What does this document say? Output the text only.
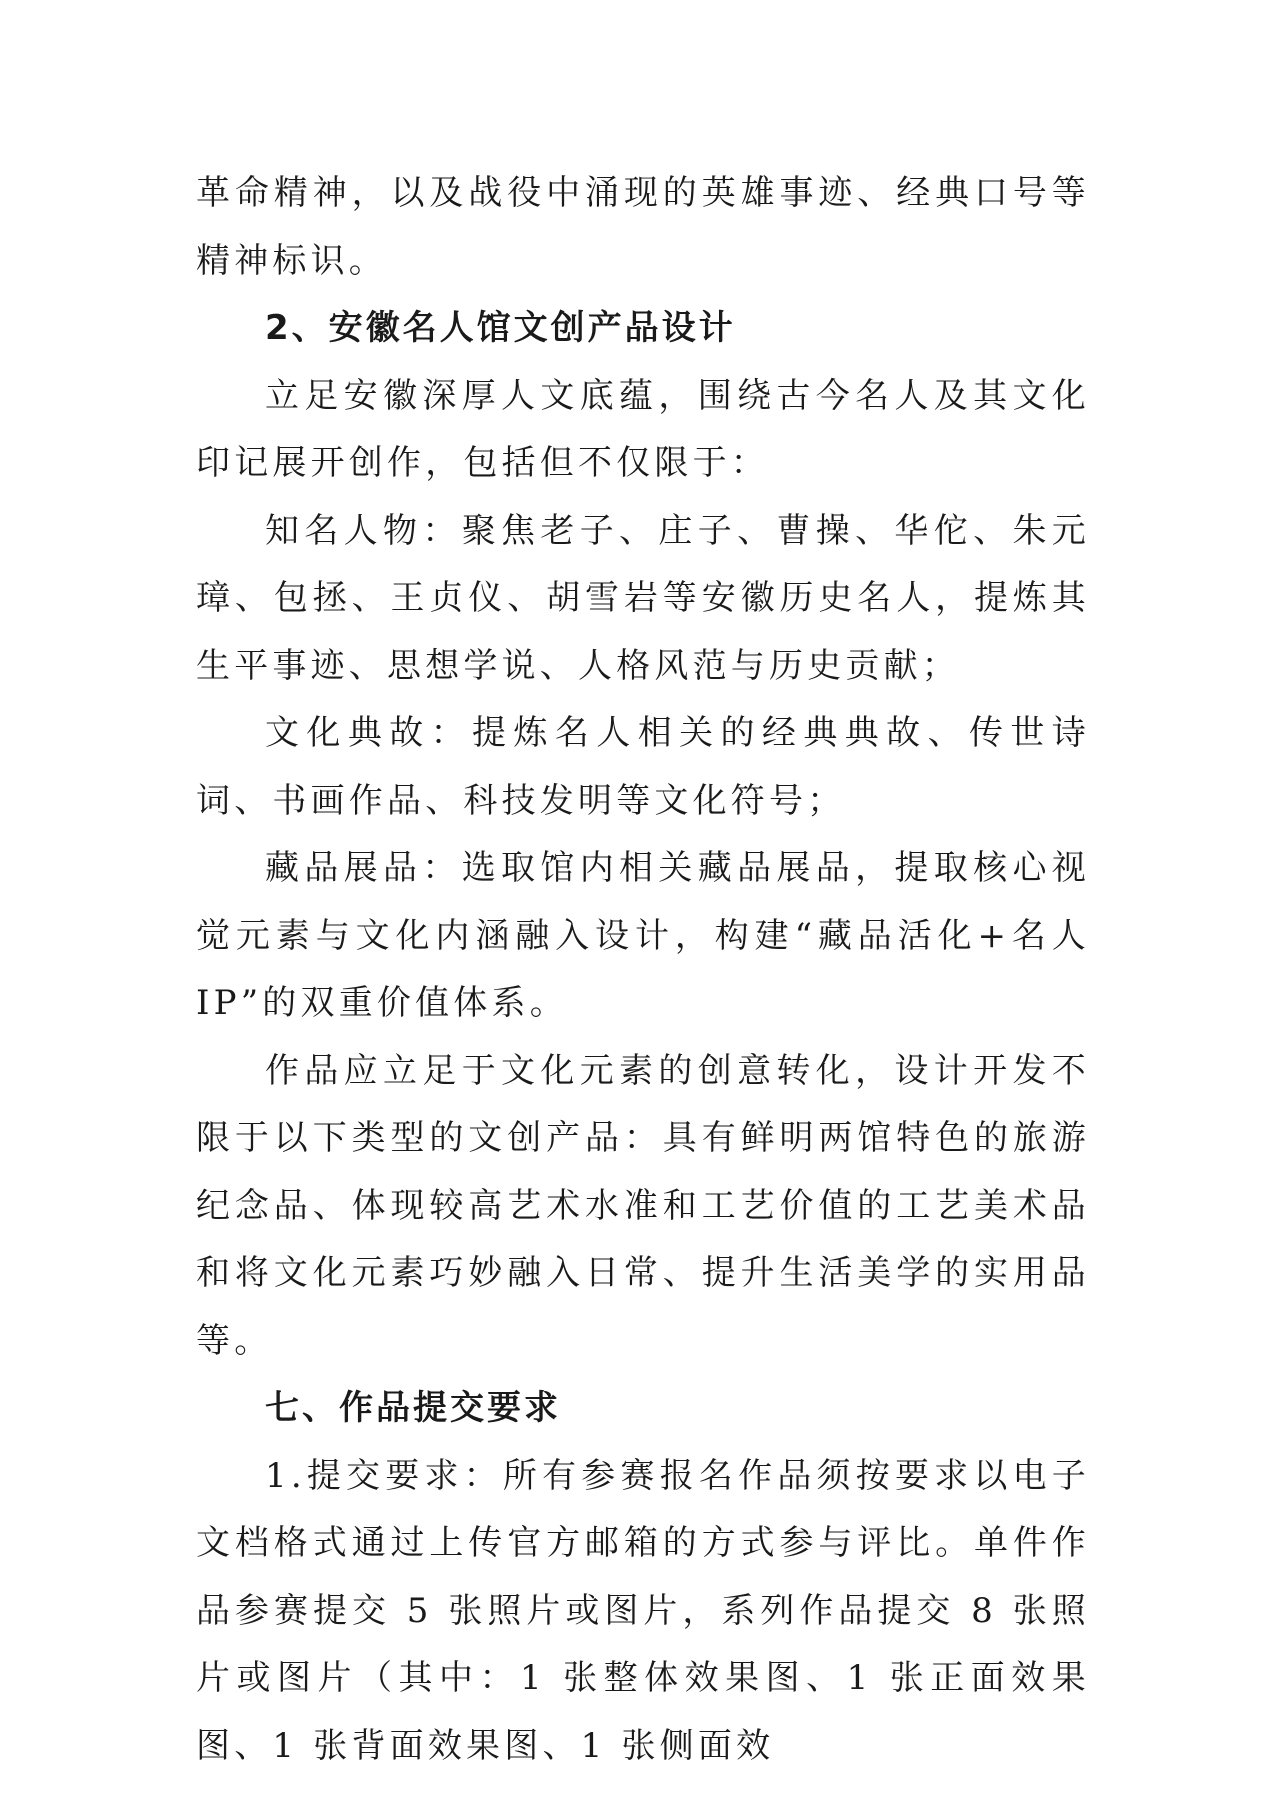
革命精神，以及战役中涌现的英雄事迹、经典口号等精神标识。

2、安徽名人馆文创产品设计

立足安徽深厚人文底蕴，围绕古今名人及其文化印记展开创作，包括但不仅限于：

知名人物：聚焦老子、庄子、曹操、华佗、朱元璋、包拯、王贞仪、胡雪岩等安徽历史名人，提炼其生平事迹、思想学说、人格风范与历史贡献；

文化典故：提炼名人相关的经典典故、传世诗词、书画作品、科技发明等文化符号；

藏品展品：选取馆内相关藏品展品，提取核心视觉元素与文化内涵融入设计，构建“藏品活化+名人 IP”的双重价值体系。

作品应立足于文化元素的创意转化，设计开发不限于以下类型的文创产品：具有鲜明两馆特色的旅游纪念品、体现较高艺术水准和工艺价值的工艺美术品和将文化元素巧妙融入日常、提升生活美学的实用品等。

七、作品提交要求

1.提交要求：所有参赛报名作品须按要求以电子文档格式通过上传官方邮箱的方式参与评比。单件作品参赛提交 5 张照片或图片，系列作品提交 8 张照片或图片（其中：1 张整体效果图、1 张正面效果图、1 张背面效果图、1 张侧面效
